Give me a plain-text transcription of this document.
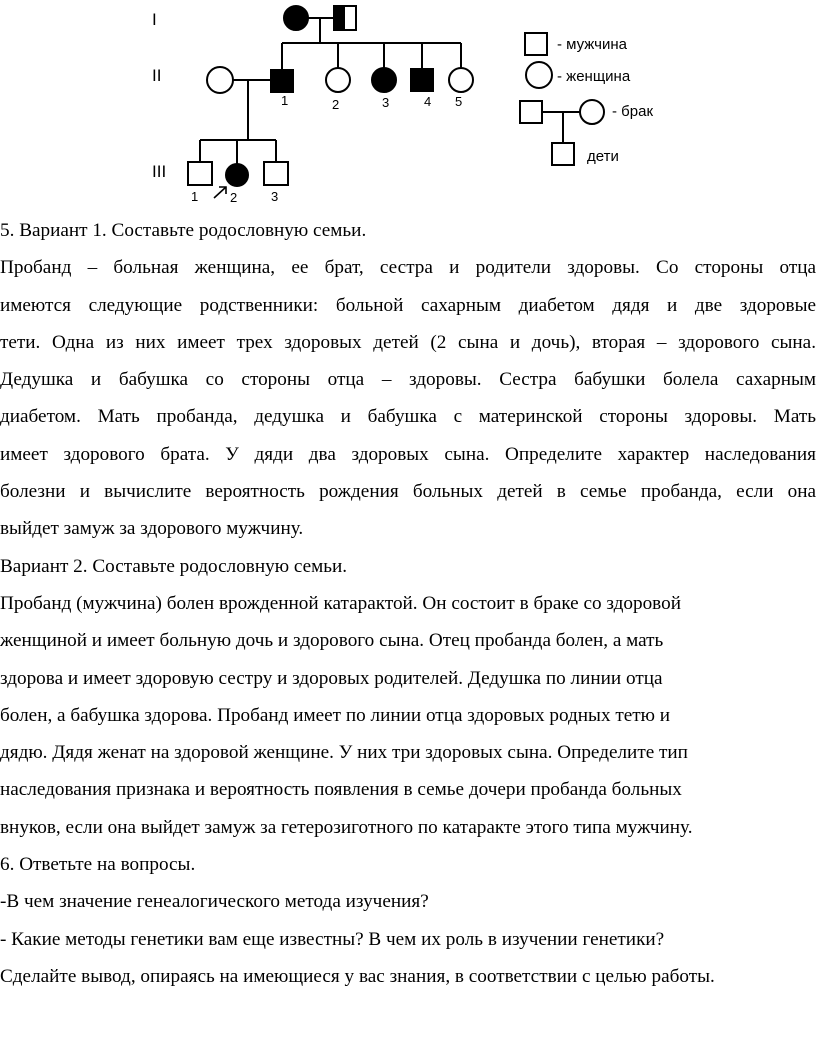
I
II
III
1	2	3	4 5
1 2	3
- мужчина
- женщина
- брак
дети

5. Вариант 1. Составьте родословную семьи.

Пробанд – больная женщина, ее брат, сестра и родители здоровы. Со стороны отца

имеются следующие родственники: больной сахарным диабетом дядя и две здоровые

тети. Одна из них имеет трех здоровых детей (2 сына и дочь), вторая – здорового сына.

Дедушка и бабушка со стороны отца – здоровы. Сестра бабушки болела сахарным

диабетом. Мать пробанда, дедушка и бабушка с материнской стороны здоровы. Мать

имеет здорового брата. У дяди два здоровых сына. Определите характер наследования

болезни и вычислите вероятность рождения больных детей в семье пробанда, если она

выйдет замуж за здорового мужчину.

Вариант 2. Составьте родословную семьи.

Пробанд (мужчина) болен врожденной катарактой. Он состоит в браке со здоровой

женщиной и имеет больную дочь и здорового сына. Отец пробанда болен, а мать

здорова и имеет здоровую сестру и здоровых родителей. Дедушка по линии отца

болен, а бабушка здорова. Пробанд имеет по линии отца здоровых родных тетю и

дядю. Дядя женат на здоровой женщине. У них три здоровых сына. Определите тип

наследования признака и вероятность появления в семье дочери пробанда больных

внуков, если она выйдет замуж за гетерозиготного по катаракте этого типа мужчину.

6. Ответьте на вопросы.

-В чем значение генеалогического метода изучения?

- Какие методы генетики вам еще известны? В чем их роль в изучении генетики?

Сделайте вывод, опираясь на имеющиеся у вас знания, в соответствии с целью работы.
